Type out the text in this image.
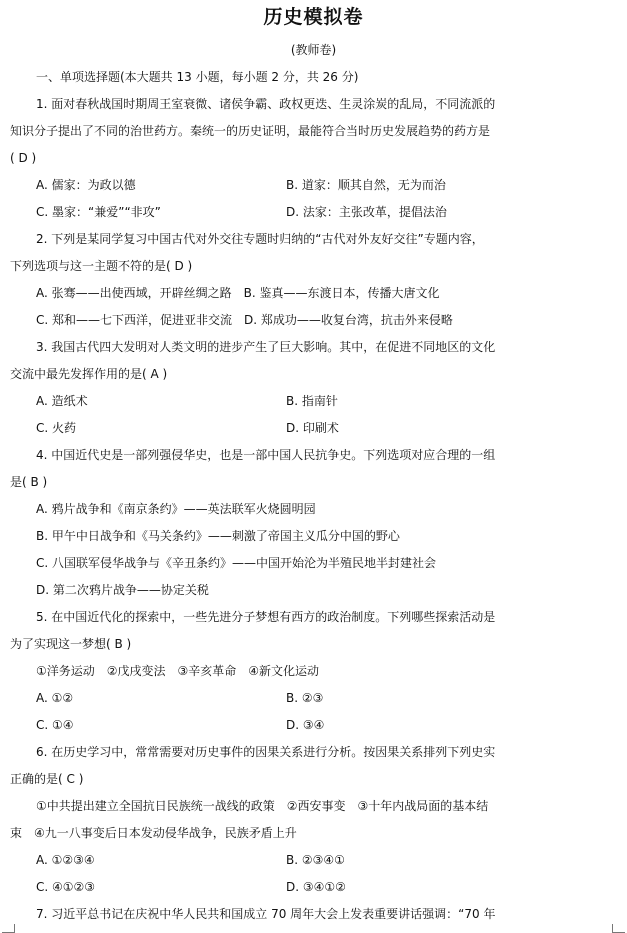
历史模拟卷
(教师卷)
一、单项选择题(本大题共 13 小题，每小题 2 分，共 26 分)
1. 面对春秋战国时期周王室衰微、诸侯争霸、政权更迭、生灵涂炭的乱局，不同流派的
知识分子提出了不同的治世药方。秦统一的历史证明，最能符合当时历史发展趋势的药方是
( D )
A. 儒家：为政以德	B. 道家：顺其自然，无为而治
C. 墨家：“兼爱”“非攻”	D. 法家：主张改革，提倡法治
2. 下列是某同学复习中国古代对外交往专题时归纳的“古代对外友好交往”专题内容，
下列选项与这一主题不符的是( D )
A. 张骞——出使西域，开辟丝绸之路　B. 鉴真——东渡日本，传播大唐文化
C. 郑和——七下西洋，促进亚非交流　D. 郑成功——收复台湾，抗击外来侵略
3. 我国古代四大发明对人类文明的进步产生了巨大影响。其中，在促进不同地区的文化
交流中最先发挥作用的是( A )
A. 造纸术	B. 指南针
C. 火药	D. 印刷术
4. 中国近代史是一部列强侵华史，也是一部中国人民抗争史。下列选项对应合理的一组
是( B )
A. 鸦片战争和《南京条约》——英法联军火烧圆明园
B. 甲午中日战争和《马关条约》——刺激了帝国主义瓜分中国的野心
C. 八国联军侵华战争与《辛丑条约》——中国开始沦为半殖民地半封建社会
D. 第二次鸦片战争——协定关税
5. 在中国近代化的探索中，一些先进分子梦想有西方的政治制度。下列哪些探索活动是
为了实现这一梦想( B )
①洋务运动　②戊戌变法　③辛亥革命　④新文化运动
A. ①②	B. ②③
C. ①④	D. ③④
6. 在历史学习中，常常需要对历史事件的因果关系进行分析。按因果关系排列下列史实
正确的是( C )
①中共提出建立全国抗日民族统一战线的政策　②西安事变　③十年内战局面的基本结
束　④九一八事变后日本发动侵华战争，民族矛盾上升
A. ①②③④	B. ②③④①
C. ④①②③	D. ③④①②
7. 习近平总书记在庆祝中华人民共和国成立 70 周年大会上发表重要讲话强调：“70 年
